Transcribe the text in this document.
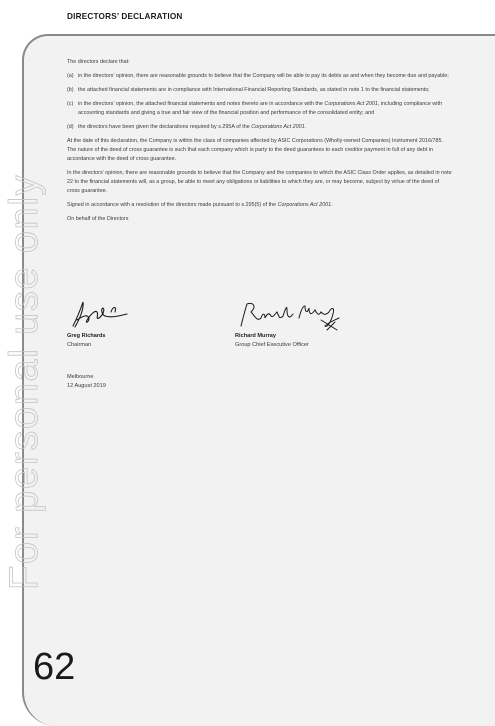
DIRECTORS’ DECLARATION

The directors declare that:

(a) in the directors’ opinion, there are reasonable grounds to believe that the Company will be able to pay its debts as and when they become due and payable;
(b) the attached financial statements are in compliance with International Financial Reporting Standards, as stated in note 1 to the financial statements;
(c) in the directors’ opinion, the attached financial statements and notes thereto are in accordance with the Corporations Act 2001, including compliance with accounting standards and giving a true and fair view of the financial position and performance of the consolidated entity; and
(d) the directors have been given the declarations required by s.295A of the Corporations Act 2001.

At the date of this declaration, the Company is within the class of companies affected by ASIC Corporations (Wholly-owned Companies) Instrument 2016/785. The nature of the deed of cross guarantee is such that each company which is party to the deed guarantees to each creditor payment in full of any debt in accordance with the deed of cross guarantee.

In the directors’ opinion, there are reasonable grounds to believe that the Company and the companies to which the ASIC Class Order applies, as detailed in note 22 to the financial statements will, as a group, be able to meet any obligations or liabilities to which they are, or may become, subject by virtue of the deed of cross guarantee.

Signed in accordance with a resolution of the directors made pursuant to s.295(5) of the Corporations Act 2001.

On behalf of the Directors

Greg Richards
Chairman
Richard Murray
Group Chief Executive Officer
Melbourne
12 August 2019
For personal use only
62
